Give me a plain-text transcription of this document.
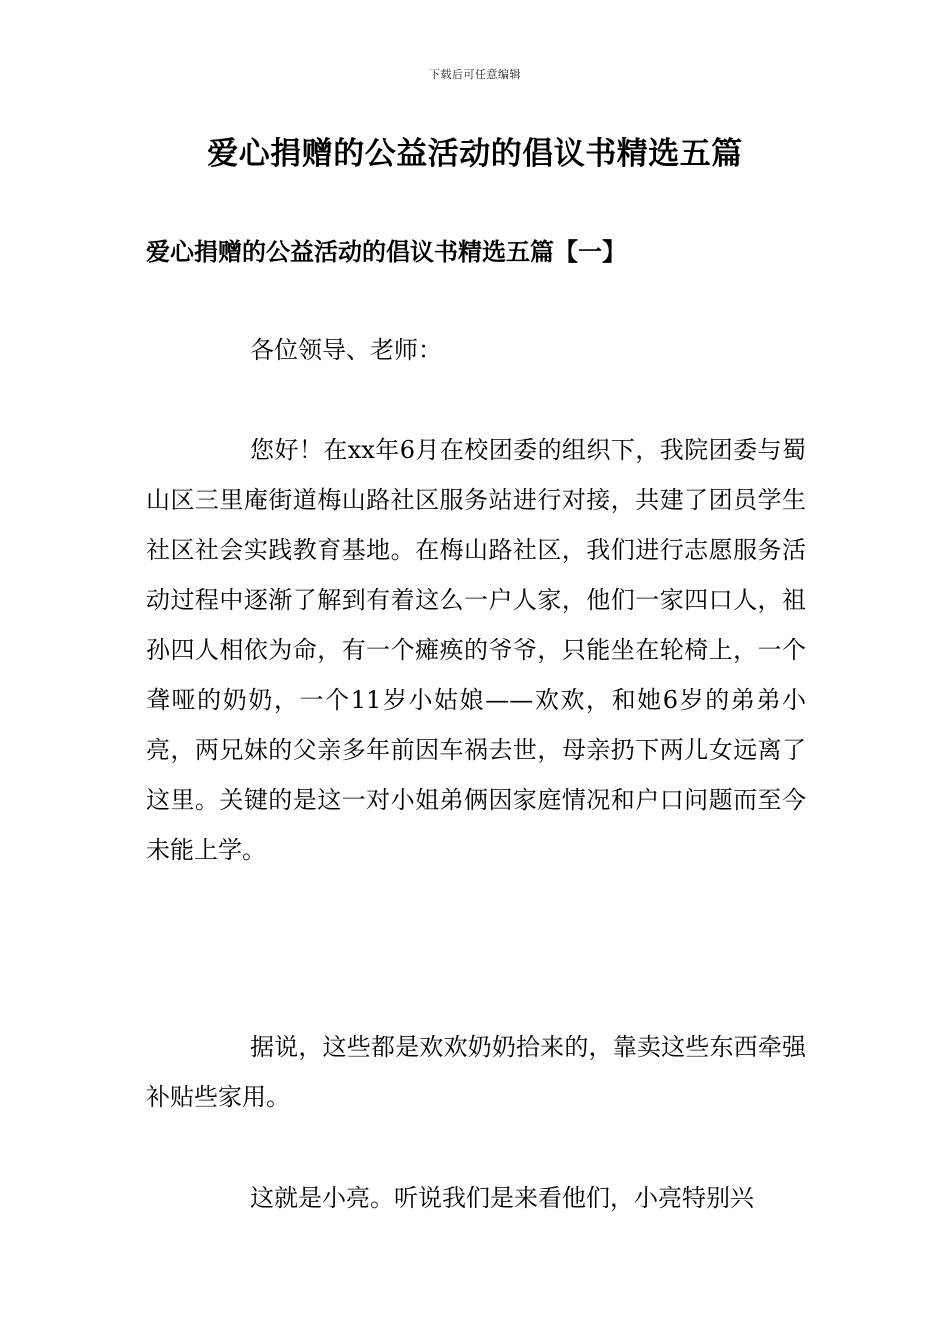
下载后可任意编辑
爱心捐赠的公益活动的倡议书精选五篇
爱心捐赠的公益活动的倡议书精选五篇【一】

各位领导、老师：

您好！在xx年6月在校团委的组织下，我院团委与蜀山区三里庵街道梅山路社区服务站进行对接，共建了团员学生社区社会实践教育基地。在梅山路社区，我们进行志愿服务活动过程中逐渐了解到有着这么一户人家，他们一家四口人，祖孙四人相依为命，有一个瘫痪的爷爷，只能坐在轮椅上，一个聋哑的奶奶，一个11岁小姑娘——欢欢，和她6岁的弟弟小亮，两兄妹的父亲多年前因车祸去世，母亲扔下两儿女远离了这里。关键的是这一对小姐弟俩因家庭情况和户口问题而至今未能上学。

据说，这些都是欢欢奶奶拾来的，靠卖这些东西牵强补贴些家用。

这就是小亮。听说我们是来看他们，小亮特别兴
